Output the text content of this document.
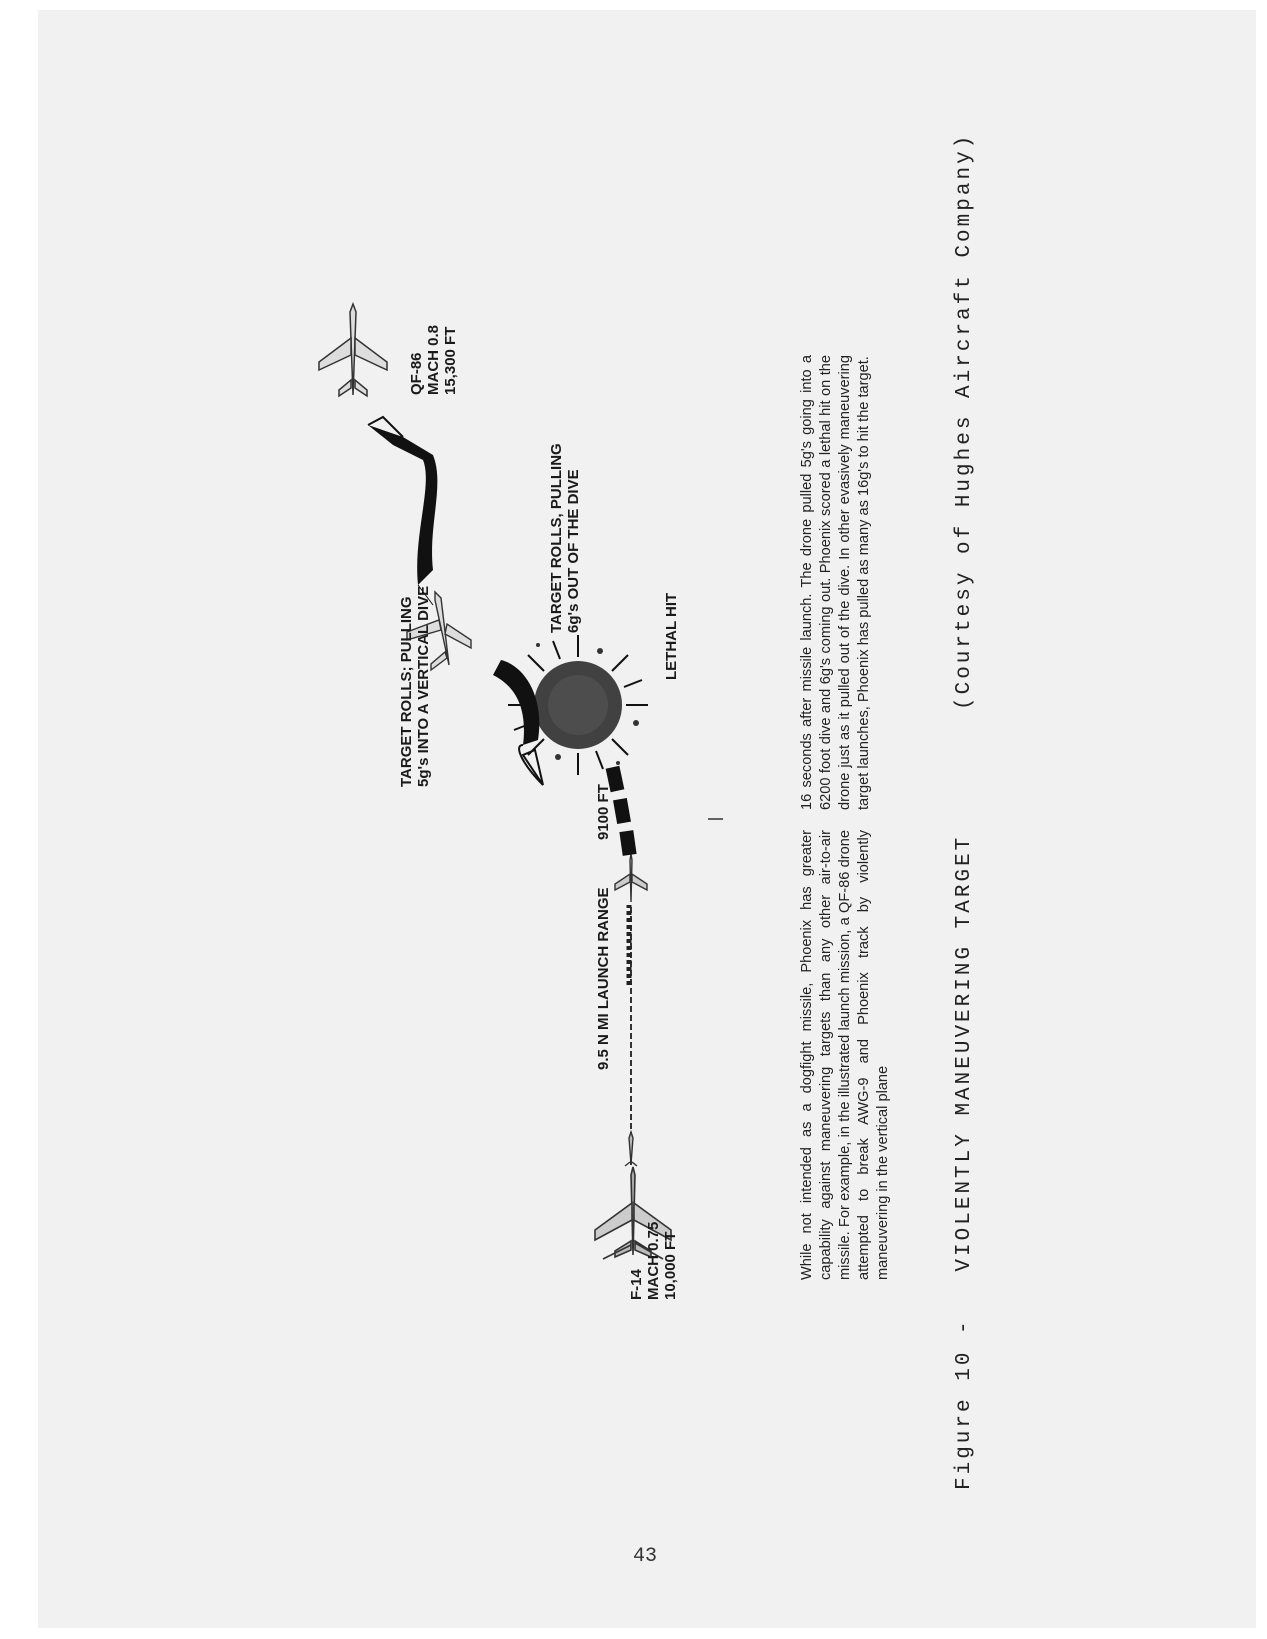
F-14 MACH 0.75 10,000 FT
9.5 N MI LAUNCH RANGE
9100 FT
TARGET ROLLS; PULLING 5g's INTO A VERTICAL DIVE
TARGET ROLLS, PULLING 6g's OUT OF THE DIVE
LETHAL HIT
QF-86 MACH 0.8 15,300 FT
While not intended as a dogfight missile, Phoenix has greater capability against maneuvering targets than any other air-to-air missile. For example, in the illustrated launch mission, a QF-86 drone attempted to break AWG-9 and Phoenix track by violently maneuvering in the vertical plane
16 seconds after missile launch. The drone pulled 5g's going into a 6200 foot dive and 6g's coming out. Phoenix scored a lethal hit on the drone just as it pulled out of the dive. In other evasively maneuvering target launches, Phoenix has pulled as many as 16g's to hit the target.
Figure 10 -   VIOLENTLY MANEUVERING TARGET
(Courtesy of Hughes Aircraft Company)
43
